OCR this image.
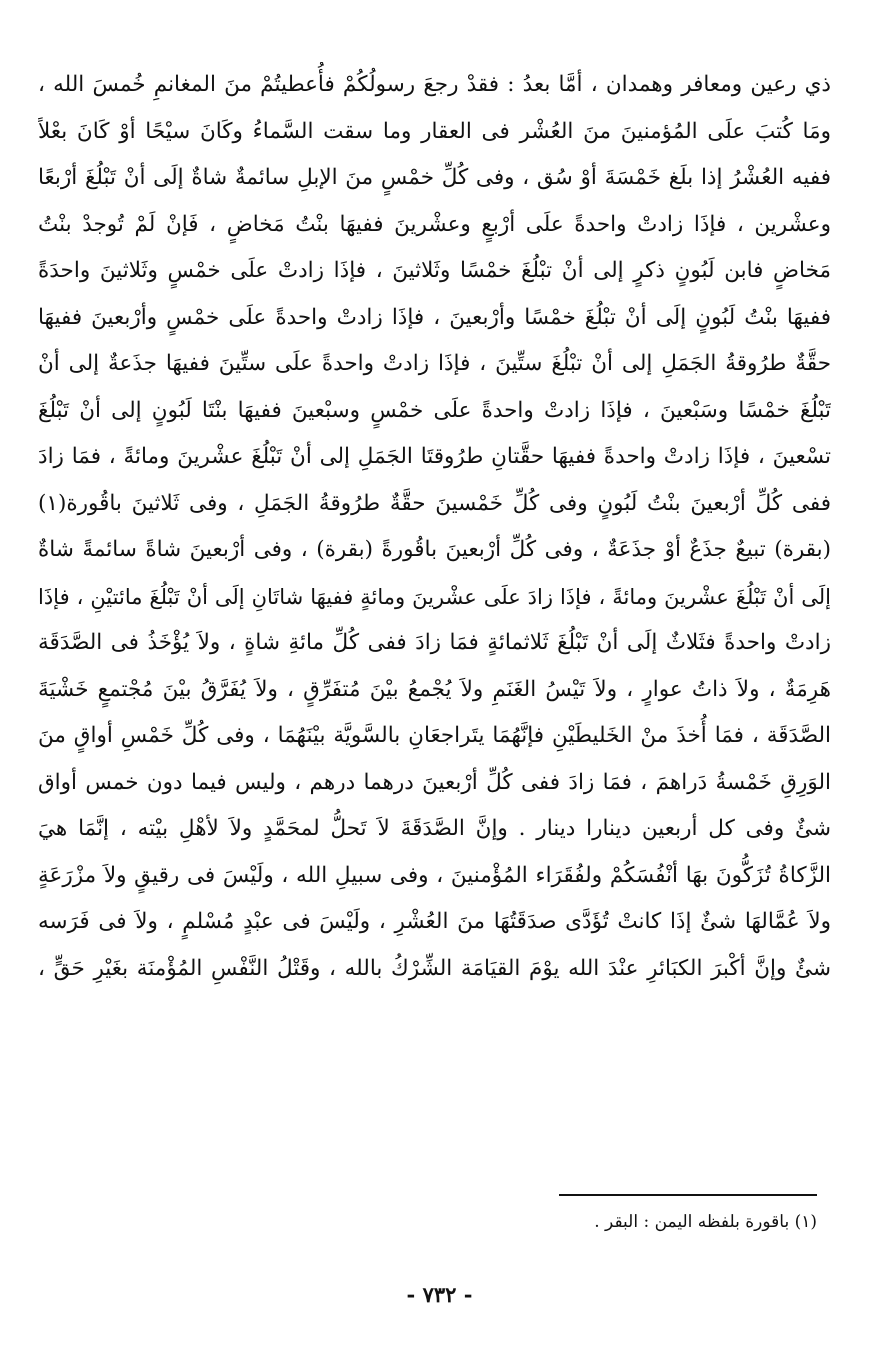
ذي رعين ومعافر وهمدان ، أمَّا بعدُ : فقدْ رجعَ رسولُكُمْ فأُعطيتُمْ منَ المغانمِ خُمسَ الله ،
ومَا كُتبَ علَى المُؤمنينَ منَ العُشْر فى العقار وما سقت السَّماءُ وكَانَ سيْحًا أوْ كَانَ بعْلاً
ففيه العُشْرُ إذا بلَغ خَمْسَةَ أوْ سُق ، وفى كُلِّ خمْسٍ منَ الإبلِ سائمةٌ شاةٌ إلَى أنْ تَبْلُغَ أرْبعًا
وعشْرين ، فإذَا زادتْ واحدةً علَى أرْبعٍ وعشْرينَ ففيهَا بنْتُ مَخاضٍ ، فَإنْ لَمْ تُوجدْ بنْتُ
مَخاضٍ فابن لَبُونٍ ذكرٍ إلى أنْ تبْلُغَ خمْسًا وثَلاثينَ ، فإذَا زادتْ علَى خمْسٍ وثَلاثينَ واحدَةً
ففيهَا بنْتُ لَبُونٍ إلَى أنْ تبْلُغَ خمْسًا وأرْبعينَ ، فإذَا زادتْ واحدةً علَى خمْسٍ وأرْبعينَ ففيهَا
حقَّةٌ طرُوقةُ الجَمَلِ إلى أنْ تبْلُغَ ستِّينَ ، فإذَا زادتْ واحدةً علَى ستِّينَ ففيهَا جذَعةٌ إلى أنْ
تَبْلُغَ خمْسًا وسَبْعينَ ، فإذَا زادتْ واحدةً علَى خمْسٍ وسبْعينَ ففيهَا بنْتَا لَبُونٍ إلى أنْ تَبْلُغَ
تسْعينَ ، فإذَا زادتْ واحدةً ففيهَا حقَّتانِ طرُوقتَا الجَمَلِ إلى أنْ تَبْلُغَ عشْرينَ ومائةً ، فمَا زادَ
ففى كُلِّ أرْبعينَ بنْتُ لَبُونٍ وفى كُلِّ خَمْسينَ حقَّةٌ طرُوقةُ الجَمَلِ ، وفى ثَلاثينَ باقُورة(١)
(بقرة) تبيعٌ جذَعٌ أوْ جذَعَةٌ ، وفى كُلِّ أرْبعينَ باقُورةً (بقرة) ، وفى أرْبعينَ شاةً سائمةً شاةٌ
إلَى أنْ تَبْلُغَ عشْرينَ ومائةً ، فإذَا زادَ علَى عشْرينَ ومائةٍ ففيهَا شاتَانِ إلَى أنْ تَبْلُغَ مائتيْنِ ، فإذَا
زادتْ واحدةً فثَلاثٌ إلَى أنْ تَبْلُغَ ثَلاثمائةٍ فمَا زادَ ففى كُلِّ مائةِ شاةٍ ، ولاَ يُؤْخَذُ فى الصَّدَقَة
هَرِمَةٌ ، ولاَ ذاتُ عوارٍ ، ولاَ تَيْسُ الغَنَمِ ولاَ يُجْمعُ بيْنَ مُتفَرِّقٍ ، ولاَ يُفَرَّقُ بيْنَ مُجْتمعٍ خَشْيَةَ
الصَّدَقَة ، فمَا أُخذَ منْ الخَليطَيْنِ فإنَّهُمَا يتَراجعَانِ بالسَّويَّة بيْنَهُمَا ، وفى كُلِّ خَمْسِ أواقٍ منَ
الوَرِقِ خَمْسةُ دَراهمَ ، فمَا زادَ ففى كُلِّ أرْبعينَ درهما درهم ، وليس فيما دون خمس أواق
شئٌ وفى كل أربعين دينارا دينار . وإنَّ الصَّدَقَةَ لاَ تَحلُّ لمحَمَّدٍ ولاَ لأهْلِ بيْته ، إنَّمَا هيَ
الزَّكاةُ تُزَكُّونَ بهَا أنْفُسَكُمْ ولفُقَرَاء المُؤْمنينَ ، وفى سبيلِ الله ، ولَيْسَ فى رقيقٍ ولاَ مزْرَعَةٍ
ولاَ عُمَّالهَا شئٌ إذَا كانتْ تُؤَدَّى صدَقَتُهَا منَ العُشْرِ ، ولَيْسَ فى عبْدٍ مُسْلمٍ ، ولاَ فى فَرَسه
شئٌ وإنَّ أكْبرَ الكبَائرِ عنْدَ الله يوْمَ القيَامَة الشِّرْكُ بالله ، وقَتْلُ النَّفْسِ المُؤْمنَة بغَيْرِ حَقٍّ ،
(١) باقورة بلفظه اليمن : البقر .
- ٧٣٢ -
